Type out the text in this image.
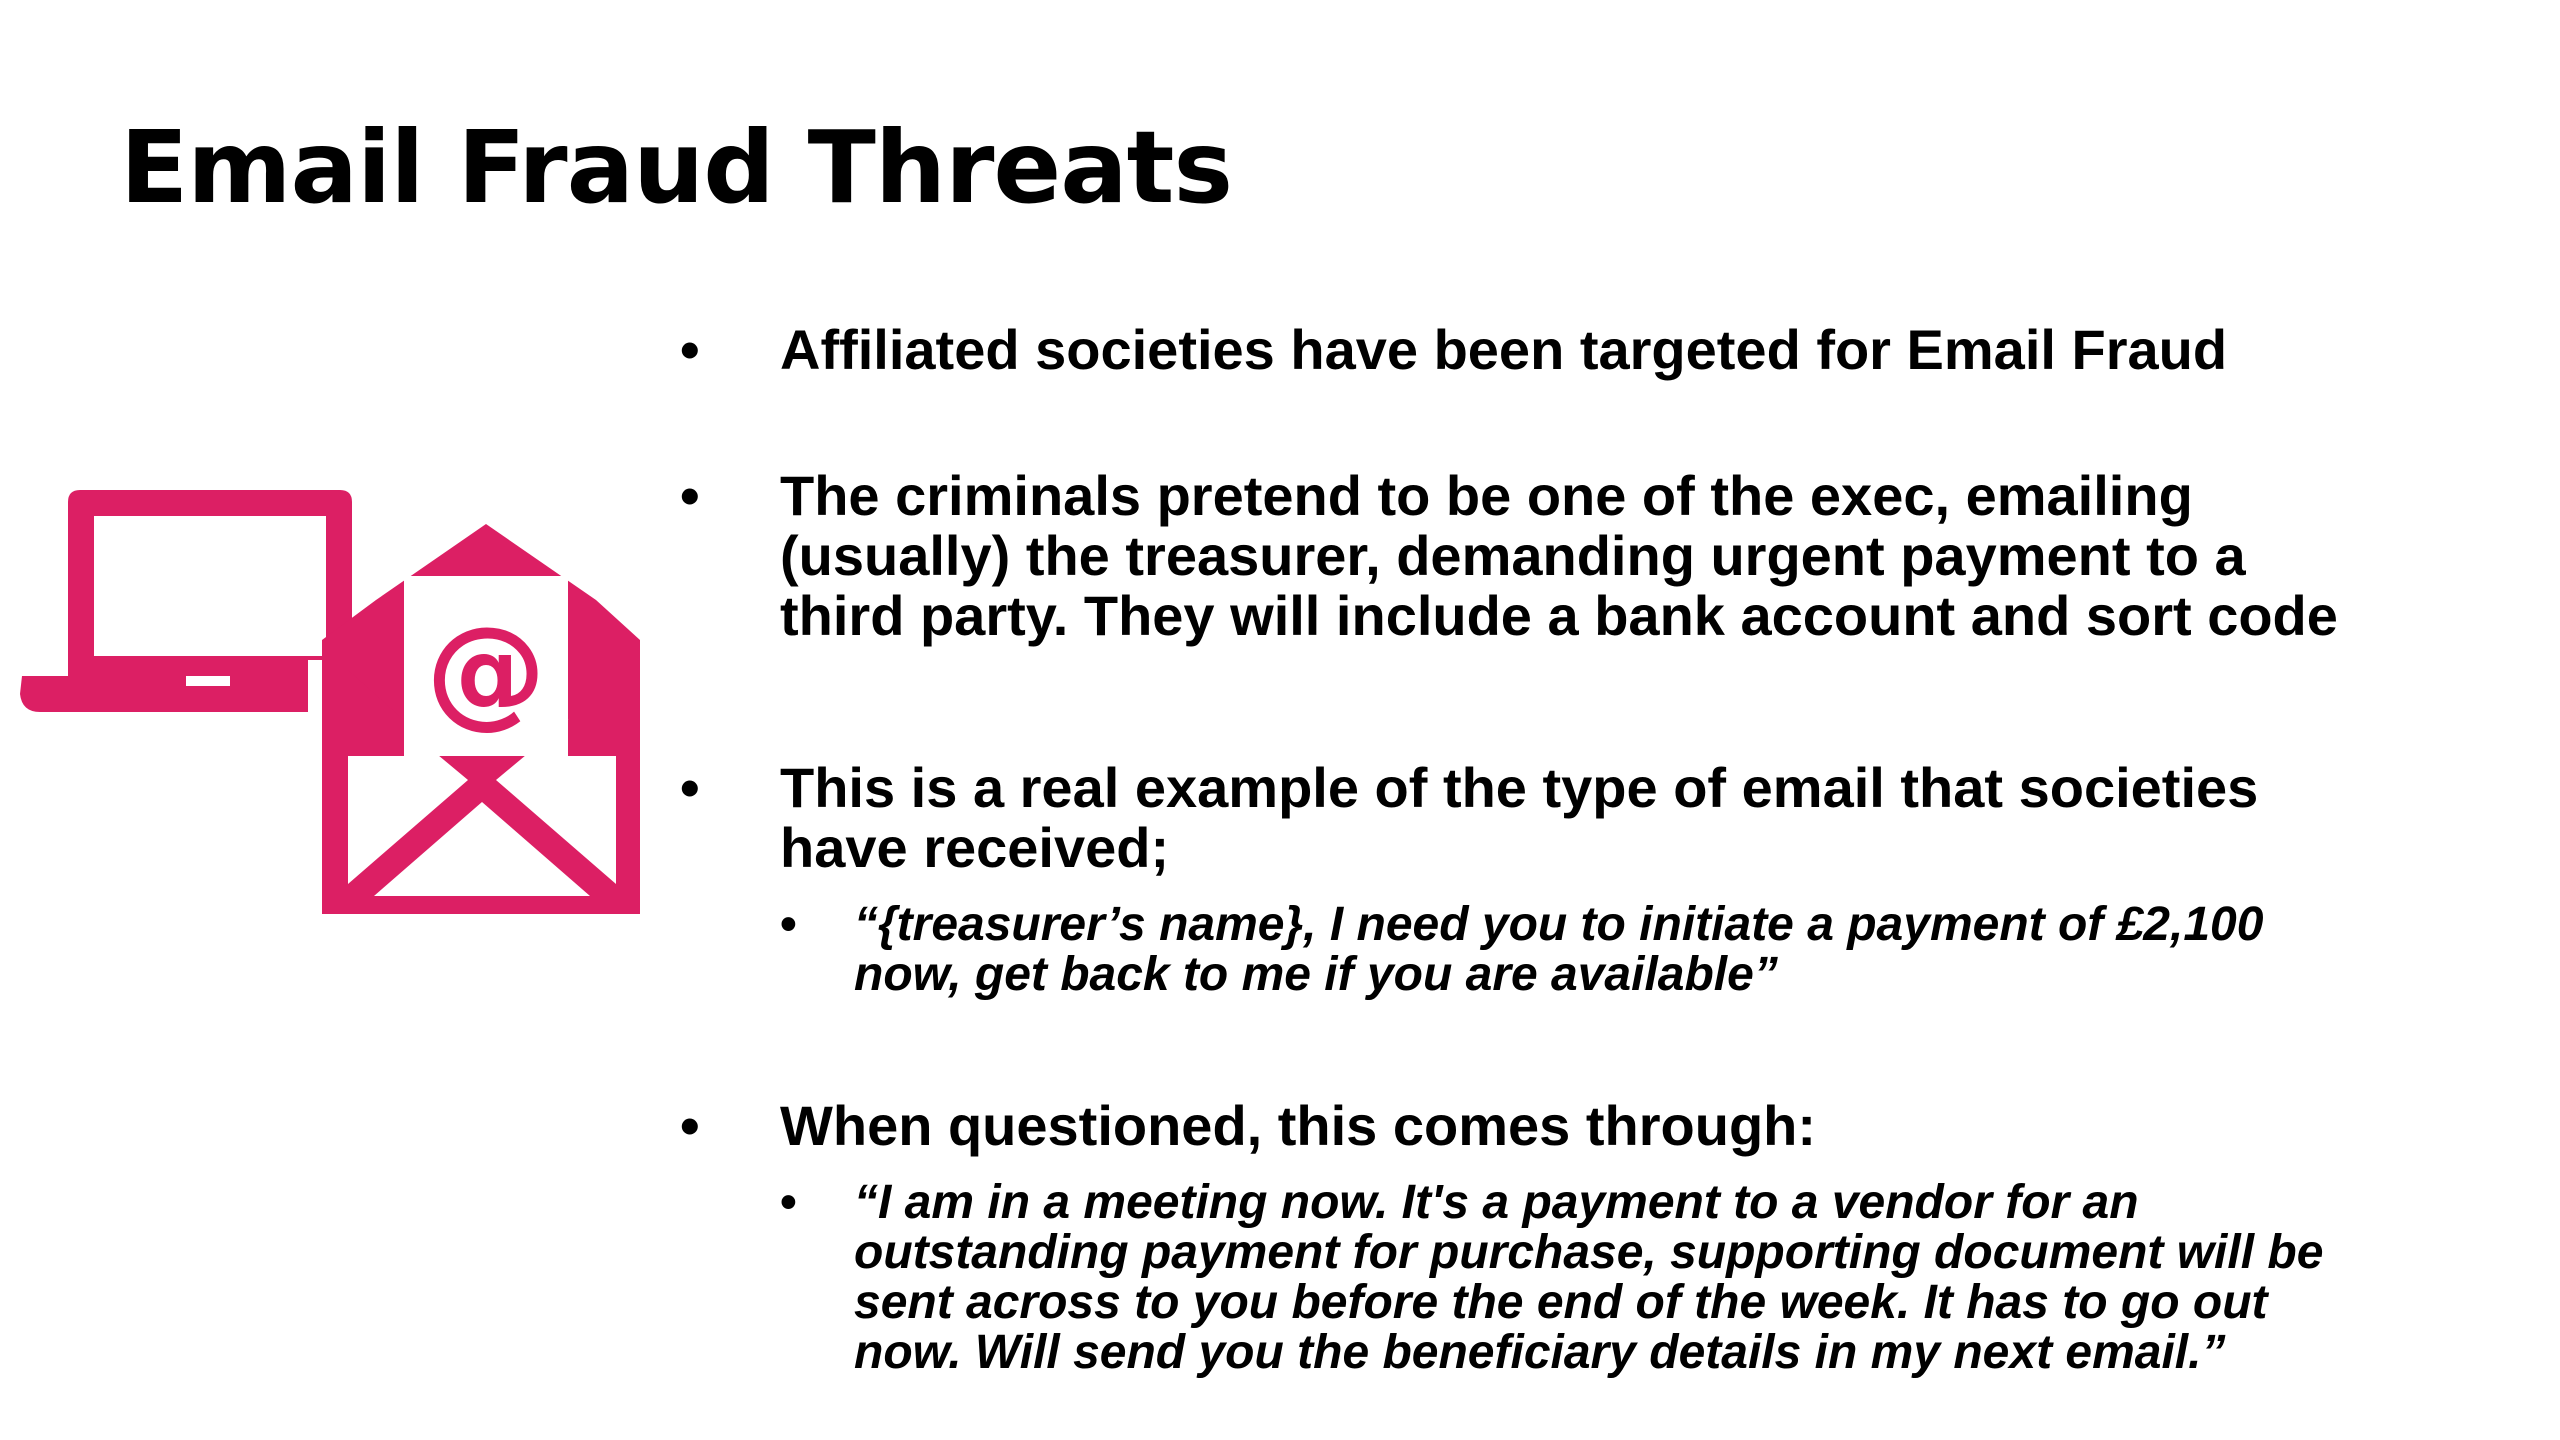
Email Fraud Threats
@
• Affiliated societies have been targeted for Email Fraud
• The criminals pretend to be one of the exec, emailing
(usually) the treasurer, demanding urgent payment to a
third party. They will include a bank account and sort code
• This is a real example of the type of email that societies
have received;
• “{treasurer’s name}, I need you to initiate a payment of £2,100
now, get back to me if you are available”
• When questioned, this comes through:
• “I am in a meeting now. It's a payment to a vendor for an
outstanding payment for purchase, supporting document will be
sent across to you before the end of the week. It has to go out
now. Will send you the beneficiary details in my next email.”
